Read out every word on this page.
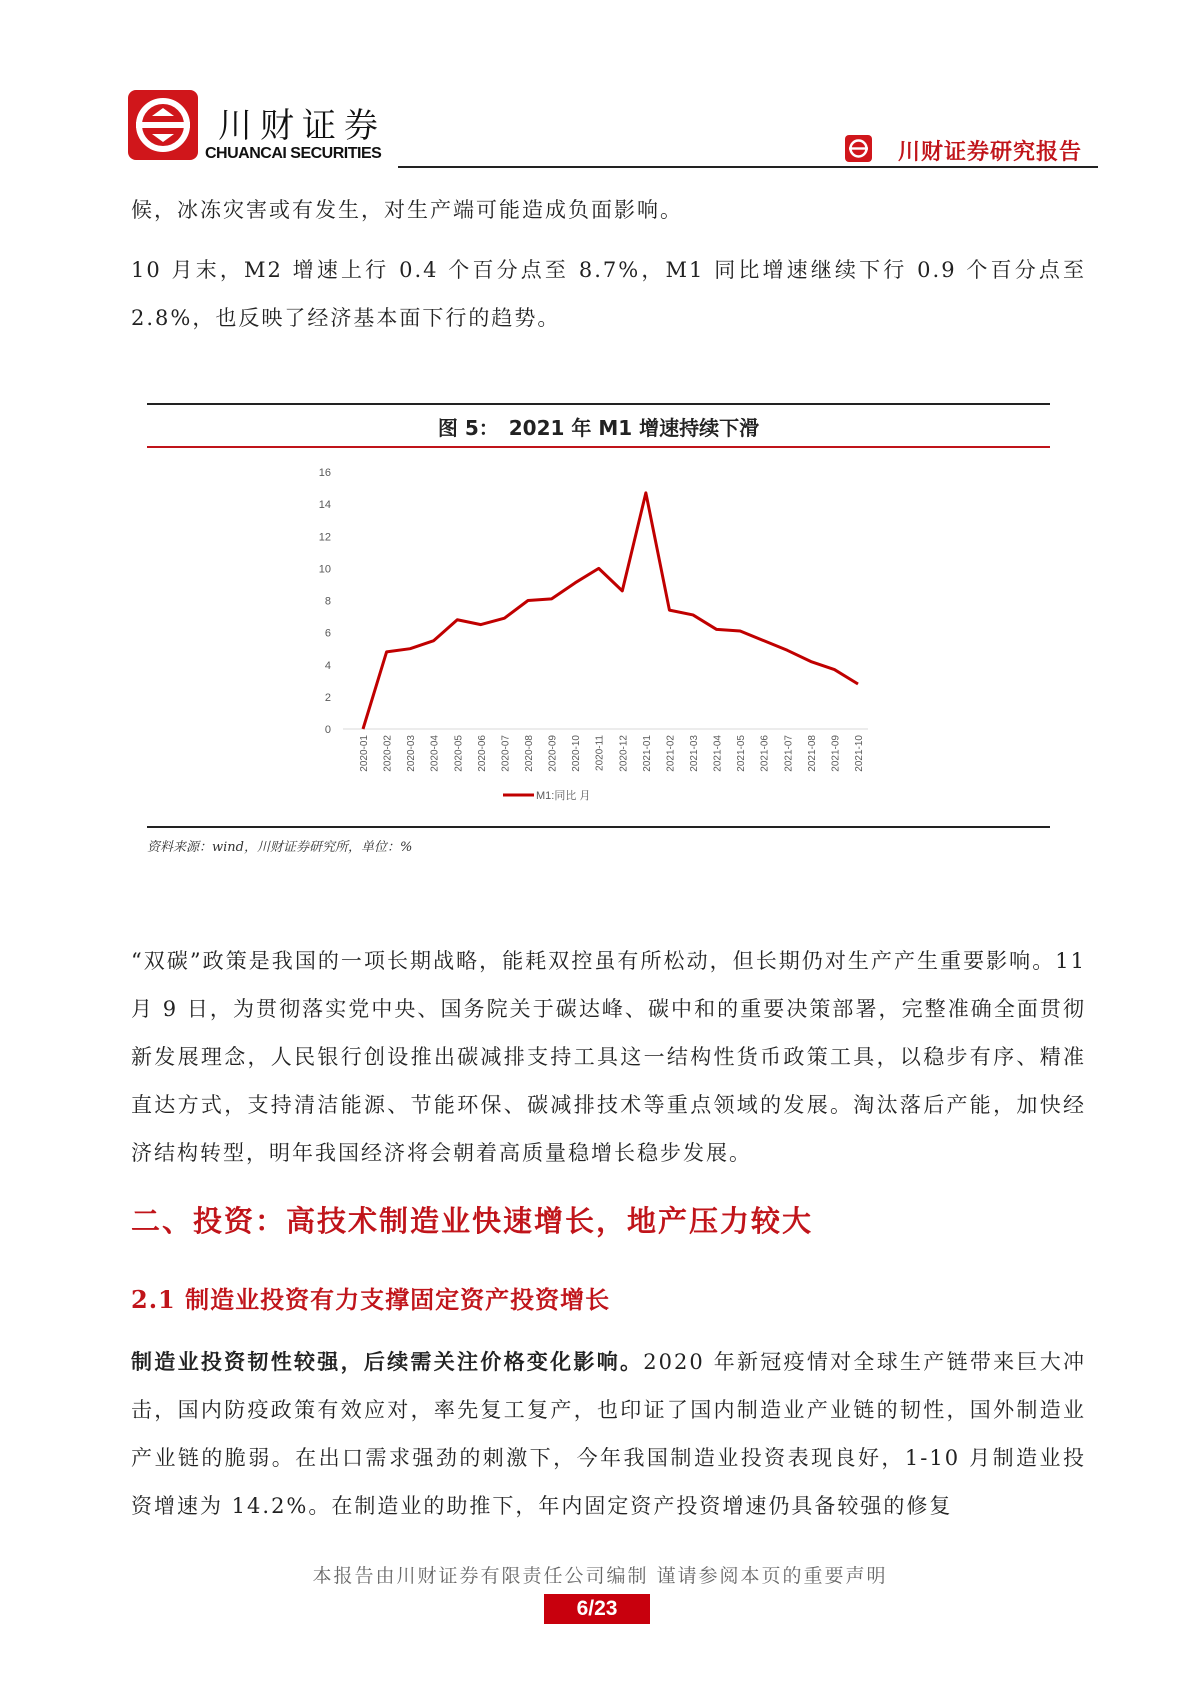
川财证券
CHUANCAI SECURITIES	川财证券研究报告

候，冰冻灾害或有发生，对生产端可能造成负面影响。

10 月末，M2 增速上行 0.4 个百分点至 8.7%，M1 同比增速继续下行 0.9 个百分点至 2.8%，也反映了经济基本面下行的趋势。

图 5：　2021 年 M1 增速持续下滑
0
2
4
6
8
10
12
14
16
2020-01 2020-02 2020-03 2020-04 2020-05 2020-06 2020-07 2020-08 2020-09 2020-10 2020-11 2020-12 2021-01 2021-02 2021-03 2021-04 2021-05 2021-06 2021-07 2021-08 2021-09 2021-10
M1:同比 月
资料来源：wind，川财证券研究所，单位：%
“双碳”政策是我国的一项长期战略，能耗双控虽有所松动，但长期仍对生产产生重要影响。11 月 9 日，为贯彻落实党中央、国务院关于碳达峰、碳中和的重要决策部署，完整准确全面贯彻新发展理念，人民银行创设推出碳减排支持工具这一结构性货币政策工具，以稳步有序、精准直达方式，支持清洁能源、节能环保、碳减排技术等重点领域的发展。淘汰落后产能，加快经济结构转型，明年我国经济将会朝着高质量稳增长稳步发展。
二、投资：高技术制造业快速增长，地产压力较大
2.1 制造业投资有力支撑固定资产投资增长
制造业投资韧性较强，后续需关注价格变化影响。2020 年新冠疫情对全球生产链带来巨大冲击，国内防疫政策有效应对，率先复工复产，也印证了国内制造业产业链的韧性，国外制造业产业链的脆弱。在出口需求强劲的刺激下，今年我国制造业投资表现良好，1-10 月制造业投资增速为 14.2%。在制造业的助推下，年内固定资产投资增速仍具备较强的修复
本报告由川财证券有限责任公司编制 谨请参阅本页的重要声明
6/23
